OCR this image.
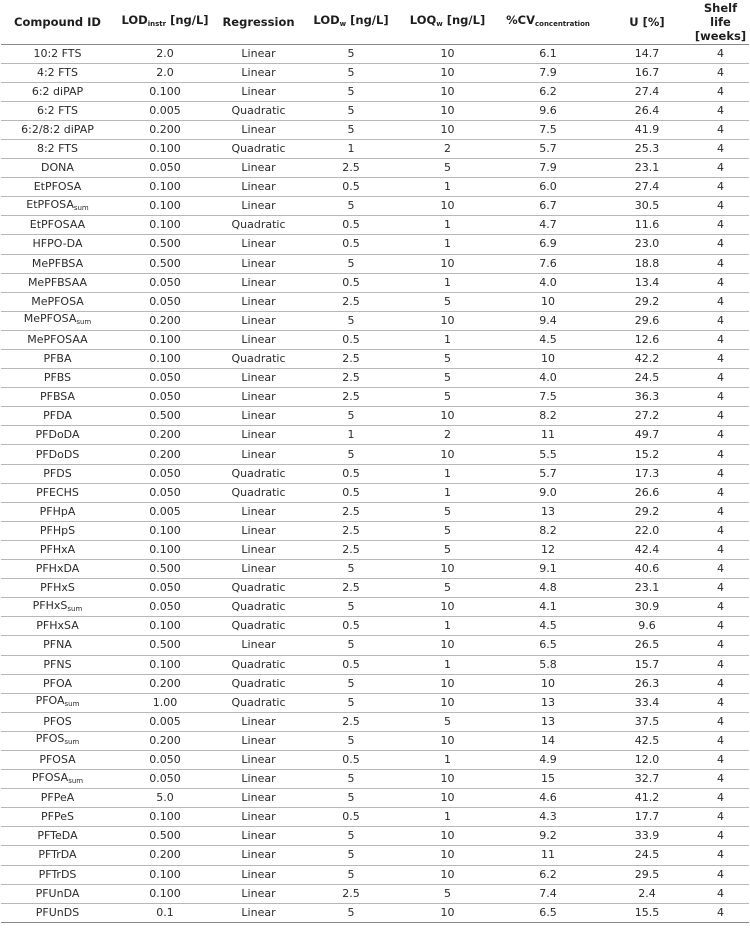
Compound ID	$LOD_{instr}$ [ng/L]	Regression	$LOD_w$ [ng/L]	$LOQ_w$ [ng/L]	$\%CV_{concentration}$	U [%]	Shelf life
[weeks]
10:2 FTS	2.0	Linear	5	10	6.1	14.7	4
4:2 FTS	2.0	Linear	5	10	7.9	16.7	4
6:2 diPAP	0.100	Linear	5	10	6.2	27.4	4
6:2 FTS	0.005	Quadratic	5	10	9.6	26.4	4
6:2/8:2 diPAP	0.200	Linear	5	10	7.5	41.9	4
8:2 FTS	0.100	Quadratic	1	2	5.7	25.3	4
DONA	0.050	Linear	2.5	5	7.9	23.1	4
EtPFOSA	0.100	Linear	0.5	1	6.0	27.4	4
EtPFOSA$_{sum}$	0.100	Linear	5	10	6.7	30.5	4
EtPFOSAA	0.100	Quadratic	0.5	1	4.7	11.6	4
HFPO-DA	0.500	Linear	0.5	1	6.9	23.0	4
MePFBSA	0.500	Linear	5	10	7.6	18.8	4
MePFBSAA	0.050	Linear	0.5	1	4.0	13.4	4
MePFOSA	0.050	Linear	2.5	5	10	29.2	4
MePFOSA$_{sum}$	0.200	Linear	5	10	9.4	29.6	4
MePFOSAA	0.100	Linear	0.5	1	4.5	12.6	4
PFBA	0.100	Quadratic	2.5	5	10	42.2	4
PFBS	0.050	Linear	2.5	5	4.0	24.5	4
PFBSA	0.050	Linear	2.5	5	7.5	36.3	4
PFDA	0.500	Linear	5	10	8.2	27.2	4
PFDoDA	0.200	Linear	1	2	11	49.7	4
PFDoDS	0.200	Linear	5	10	5.5	15.2	4
PFDS	0.050	Quadratic	0.5	1	5.7	17.3	4
PFECHS	0.050	Quadratic	0.5	1	9.0	26.6	4
PFHpA	0.005	Linear	2.5	5	13	29.2	4
PFHpS	0.100	Linear	2.5	5	8.2	22.0	4
PFHxA	0.100	Linear	2.5	5	12	42.4	4
PFHxDA	0.500	Linear	5	10	9.1	40.6	4
PFHxS	0.050	Quadratic	2.5	5	4.8	23.1	4
PFHxS$_{sum}$	0.050	Quadratic	5	10	4.1	30.9	4
PFHxSA	0.100	Quadratic	0.5	1	4.5	9.6	4
PFNA	0.500	Linear	5	10	6.5	26.5	4
PFNS	0.100	Quadratic	0.5	1	5.8	15.7	4
PFOA	0.200	Quadratic	5	10	10	26.3	4
$PFOA_{sum}$	1.00	Quadratic	5	10	13	33.4	4
PFOS	0.005	Linear	2.5	5	13	37.5	4
$PFOS_{sum}$	0.200	Linear	5	10	14	42.5	4
PFOSA	0.050	Linear	0.5	1	4.9	12.0	4
$PFOSA_{sum}$	0.050	Linear	5	10	15	32.7	4
PFPeA	5.0	Linear	5	10	4.6	41.2	4
PFPeS	0.100	Linear	0.5	1	4.3	17.7	4
PFTeDA	0.500	Linear	5	10	9.2	33.9	4
PFTrDA	0.200	Linear	5	10	11	24.5	4
PFTrDS	0.100	Linear	5	10	6.2	29.5	4
PFUnDA	0.100	Linear	2.5	5	7.4	2.4	4
PFUnDS	0.1	Linear	5	10	6.5	15.5	4
